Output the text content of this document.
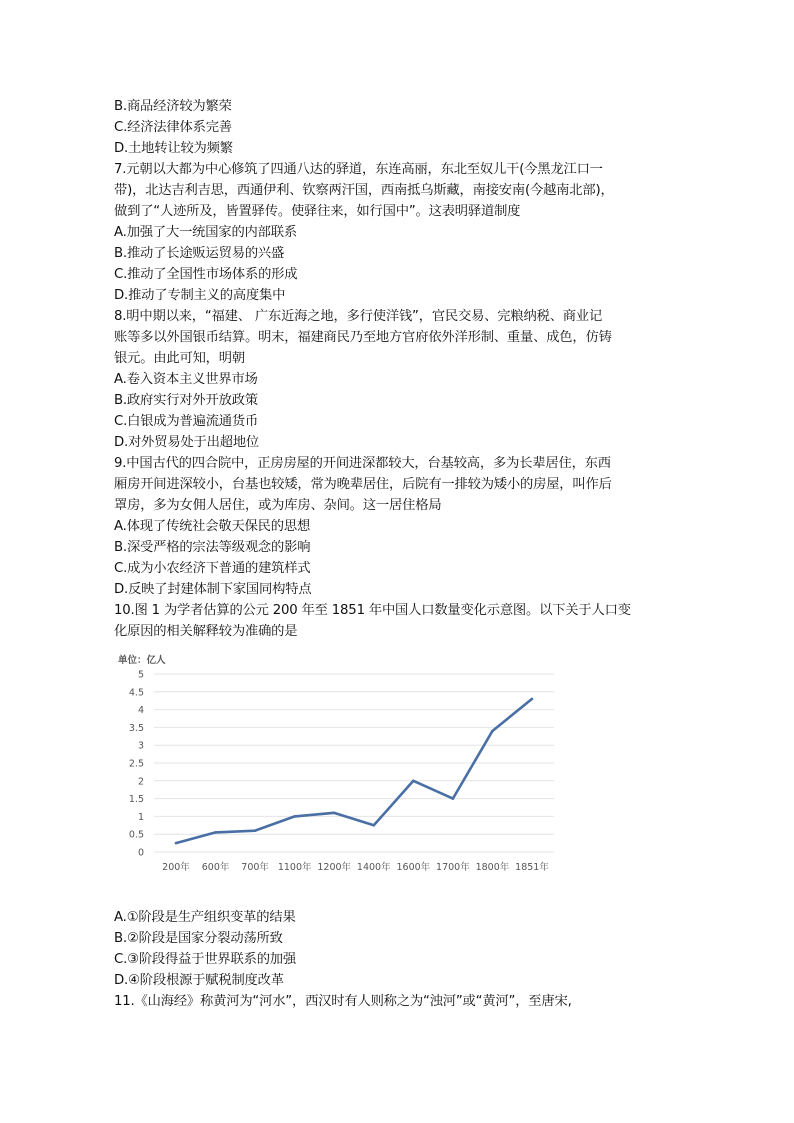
B.商品经济较为繁荣

C.经济法律体系完善

D.土地转让较为频繁

7.元朝以大都为中心修筑了四通八达的驿道，东连高丽，东北至奴儿干(今黑龙江口一

带)，北达吉利吉思，西通伊利、钦察两汗国，西南抵乌斯藏，南接安南(今越南北部)，

做到了“人迹所及，皆置驿传。使驿往来，如行国中”。这表明驿道制度

A.加强了大一统国家的内部联系

B.推动了长途贩运贸易的兴盛

C.推动了全国性市场体系的形成

D.推动了专制主义的高度集中

8.明中期以来，“福建、 广东近海之地，多行使洋钱”，官民交易、完粮纳税、商业记

账等多以外国银币结算。明末，福建商民乃至地方官府依外洋形制、重量、成色，仿铸

银元。由此可知，明朝

A.卷入资本主义世界市场

B.政府实行对外开放政策

C.白银成为普遍流通货币

D.对外贸易处于出超地位

9.中国古代的四合院中，正房房屋的开间进深都较大，台基较高，多为长辈居住，东西

厢房开间进深较小，台基也较矮，常为晚辈居住，后院有一排较为矮小的房屋，叫作后

罩房，多为女佣人居住，或为库房、杂间。这一居住格局

A.体现了传统社会敬天保民的思想

B.深受严格的宗法等级观念的影响

C.成为小农经济下普通的建筑样式

D.反映了封建体制下家国同构特点

10.图 1 为学者估算的公元 200 年至 1851 年中国人口数量变化示意图。以下关于人口变

化原因的相关解释较为准确的是

单位：亿人
0
0.5
1
1.5
2
2.5
3
3.5
4
4.5
5
200年 600年 700年 1100年 1200年 1400年 1600年 1700年 1800年 1851年

A.①阶段是生产组织变革的结果

B.②阶段是国家分裂动荡所致

C.③阶段得益于世界联系的加强

D.④阶段根源于赋税制度改革

11.《山海经》称黄河为“河水”，西汉时有人则称之为“浊河”或“黄河”，至唐宋,
